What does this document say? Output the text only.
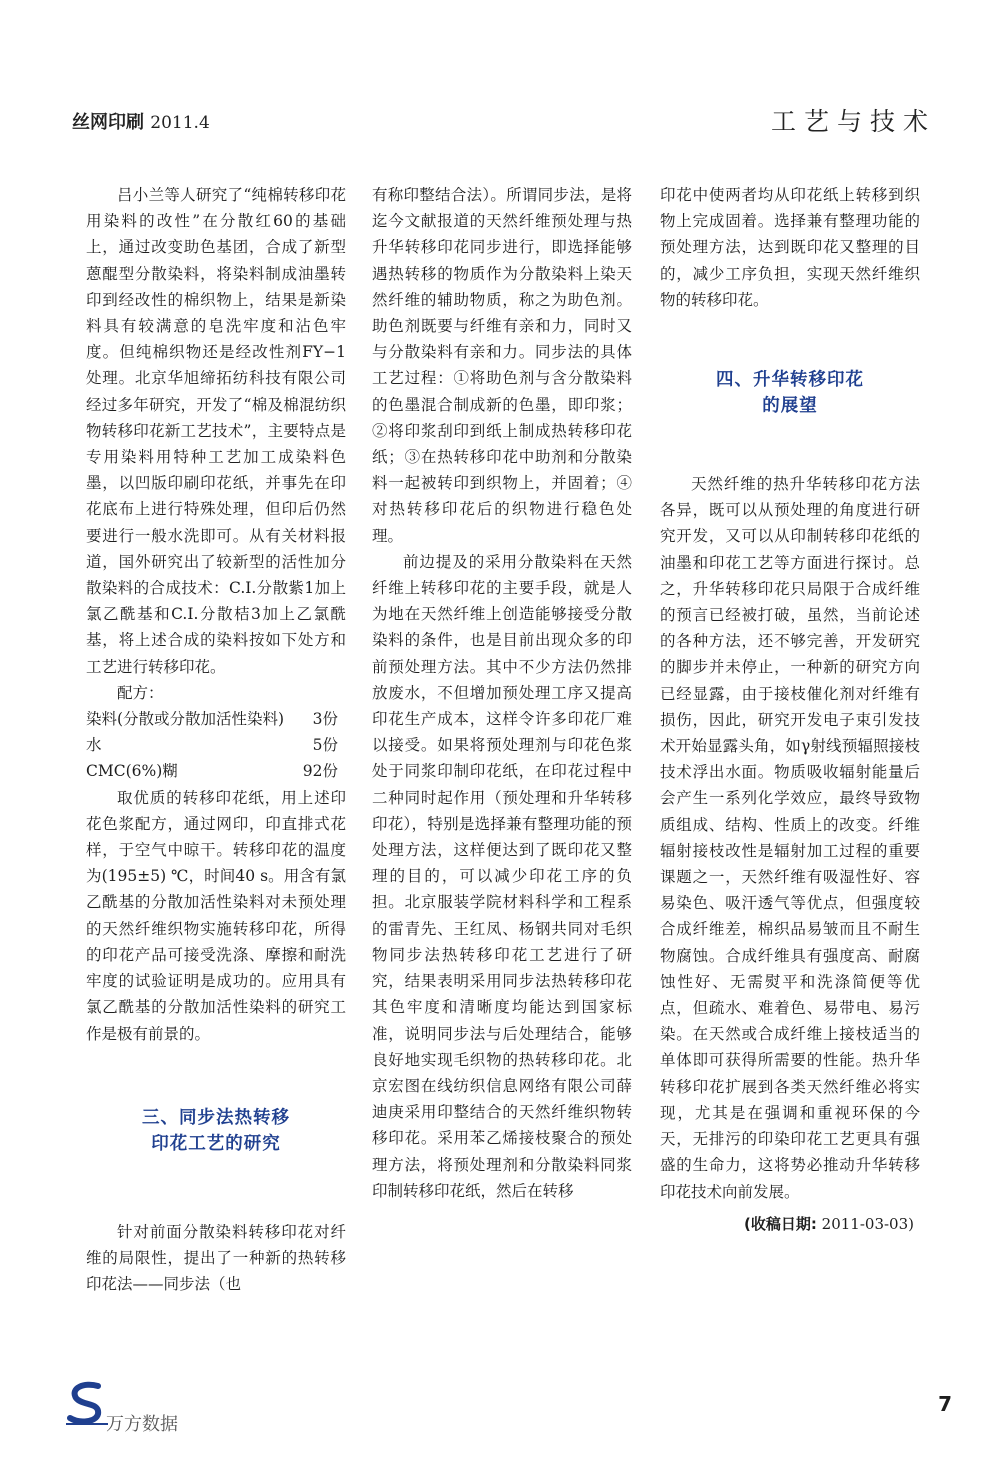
丝网印刷 2011.4	工艺与技术

吕小兰等人研究了“纯棉转移印花用染料的改性”在分散红60的基础上，通过改变助色基团，合成了新型蒽醌型分散染料，将染料制成油墨转印到经改性的棉织物上，结果是新染料具有较满意的皂洗牢度和沾色牢度。但纯棉织物还是经改性剂FY−1处理。北京华旭缔拓纺科技有限公司经过多年研究，开发了“棉及棉混纺织物转移印花新工艺技术”，主要特点是专用染料用特种工艺加工成染料色墨，以凹版印刷印花纸，并事先在印花底布上进行特殊处理，但印后仍然要进行一般水洗即可。从有关材料报道，国外研究出了较新型的活性加分散染料的合成技术：C.I.分散紫1加上氯乙酰基和C.I.分散桔3加上乙氯酰基，将上述合成的染料按如下处方和工艺进行转移印花。

配方：

染料(分散或分散加活性染料) 3份
水	5份
CMC(6%)糊	92份

取优质的转移印花纸，用上述印花色浆配方，通过网印，印直排式花样，于空气中晾干。转移印花的温度为(195±5) ℃，时间40 s。用含有氯乙酰基的分散加活性染料对未预处理的天然纤维织物实施转移印花，所得的印花产品可接受洗涤、摩擦和耐洗牢度的试验证明是成功的。应用具有氯乙酰基的分散加活性染料的研究工作是极有前景的。

三、同步法热转移
印花工艺的研究

针对前面分散染料转移印花对纤维的局限性，提出了一种新的热转移印花法——同步法（也

有称印整结合法）。所谓同步法，是将迄今文献报道的天然纤维预处理与热升华转移印花同步进行，即选择能够遇热转移的物质作为分散染料上染天然纤维的辅助物质，称之为助色剂。助色剂既要与纤维有亲和力，同时又与分散染料有亲和力。同步法的具体工艺过程：①将助色剂与含分散染料的色墨混合制成新的色墨，即印浆；②将印浆刮印到纸上制成热转移印花纸；③在热转移印花中助剂和分散染料一起被转印到织物上，并固着；④对热转移印花后的织物进行稳色处理。

前边提及的采用分散染料在天然纤维上转移印花的主要手段，就是人为地在天然纤维上创造能够接受分散染料的条件，也是目前出现众多的印前预处理方法。其中不少方法仍然排放废水，不但增加预处理工序又提高印花生产成本，这样令许多印花厂难以接受。如果将预处理剂与印花色浆处于同浆印制印花纸，在印花过程中二种同时起作用（预处理和升华转移印花），特别是选择兼有整理功能的预处理方法，这样便达到了既印花又整理的目的，可以减少印花工序的负担。北京服装学院材料科学和工程系的雷青先、王红凤、杨钢共同对毛织物同步法热转移印花工艺进行了研究，结果表明采用同步法热转移印花其色牢度和清晰度均能达到国家标准，说明同步法与后处理结合，能够良好地实现毛织物的热转移印花。北京宏图在线纺织信息网络有限公司薛迪庚采用印整结合的天然纤维织物转移印花。采用苯乙烯接枝聚合的预处理方法，将预处理剂和分散染料同浆印制转移印花纸，然后在转移

印花中使两者均从印花纸上转移到织物上完成固着。选择兼有整理功能的预处理方法，达到既印花又整理的目的，减少工序负担，实现天然纤维织物的转移印花。

四、升华转移印花
的展望

天然纤维的热升华转移印花方法各异，既可以从预处理的角度进行研究开发，又可以从印制转移印花纸的油墨和印花工艺等方面进行探讨。总之，升华转移印花只局限于合成纤维的预言已经被打破，虽然，当前论述的各种方法，还不够完善，开发研究的脚步并未停止，一种新的研究方向已经显露，由于接枝催化剂对纤维有损伤，因此，研究开发电子束引发技术开始显露头角，如γ射线预辐照接枝技术浮出水面。物质吸收辐射能量后会产生一系列化学效应，最终导致物质组成、结构、性质上的改变。纤维辐射接枝改性是辐射加工过程的重要课题之一，天然纤维有吸湿性好、容易染色、吸汗透气等优点，但强度较合成纤维差，棉织品易皱而且不耐生物腐蚀。合成纤维具有强度高、耐腐蚀性好、无需熨平和洗涤简便等优点，但疏水、难着色、易带电、易污染。在天然或合成纤维上接枝适当的单体即可获得所需要的性能。热升华转移印花扩展到各类天然纤维必将实现，尤其是在强调和重视环保的今天，无排污的印染印花工艺更具有强盛的生命力，这将势必推动升华转移印花技术向前发展。

(收稿日期: 2011-03-03)
万方数据
7
